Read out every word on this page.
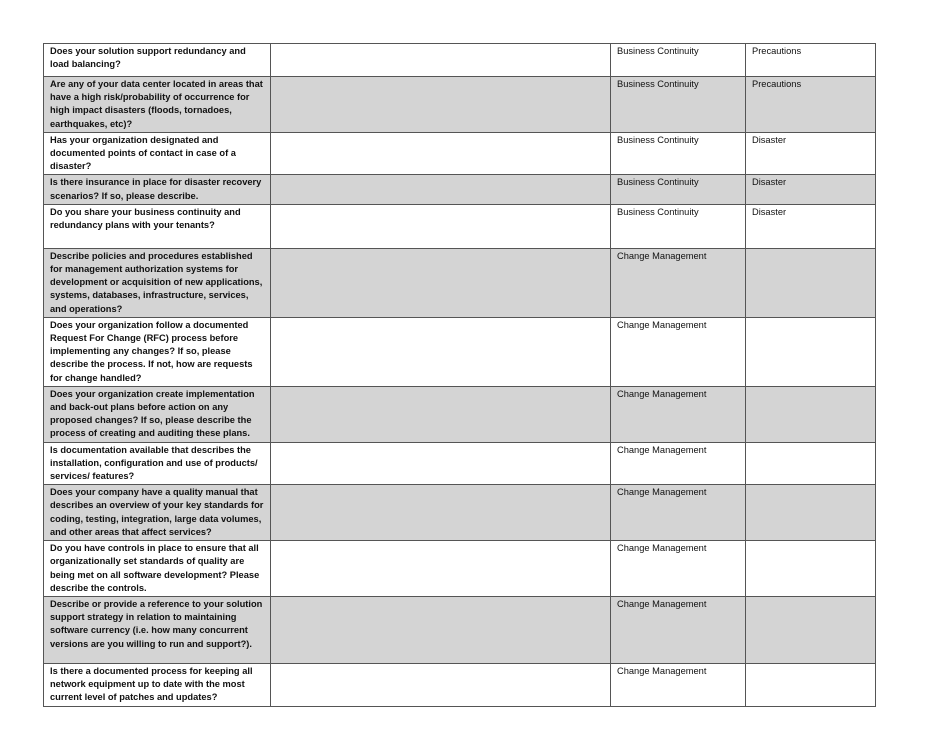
Does your solution support redundancy and load balancing?		Business Continuity	Precautions
Are any of your data center located in areas that have a high risk/probability of occurrence for high impact disasters (floods, tornadoes, earthquakes, etc)?		Business Continuity	Precautions
Has your organization designated and documented points of contact in case of a disaster?		Business Continuity	Disaster
Is there insurance in place for disaster recovery scenarios? If so, please describe.		Business Continuity	Disaster
Do you share your business continuity and redundancy plans with your tenants?		Business Continuity	Disaster
Describe policies and procedures established for management authorization systems for development or acquisition of new applications, systems, databases, infrastructure, services, and operations?		Change Management	
Does your organization follow a documented Request For Change (RFC) process before implementing any changes? If so, please describe the process. If not, how are requests for change handled?		Change Management	
Does your organization create implementation and back-out plans before action on any proposed changes? If so, please describe the process of creating and auditing these plans.		Change Management	
Is documentation available that describes the installation, configuration and use of products/ services/ features?		Change Management	
Does your company have a quality manual that describes an overview of your key standards for coding, testing, integration, large data volumes, and other areas that affect services?		Change Management	
Do you have controls in place to ensure that all organizationally set standards of quality are being met on all software development? Please describe the controls.		Change Management	
Describe or provide a reference to your solution support strategy in relation to maintaining software currency (i.e. how many concurrent versions are you willing to run and support?).		Change Management	
Is there a documented process for keeping all network equipment up to date with the most current level of patches and updates?		Change Management	
